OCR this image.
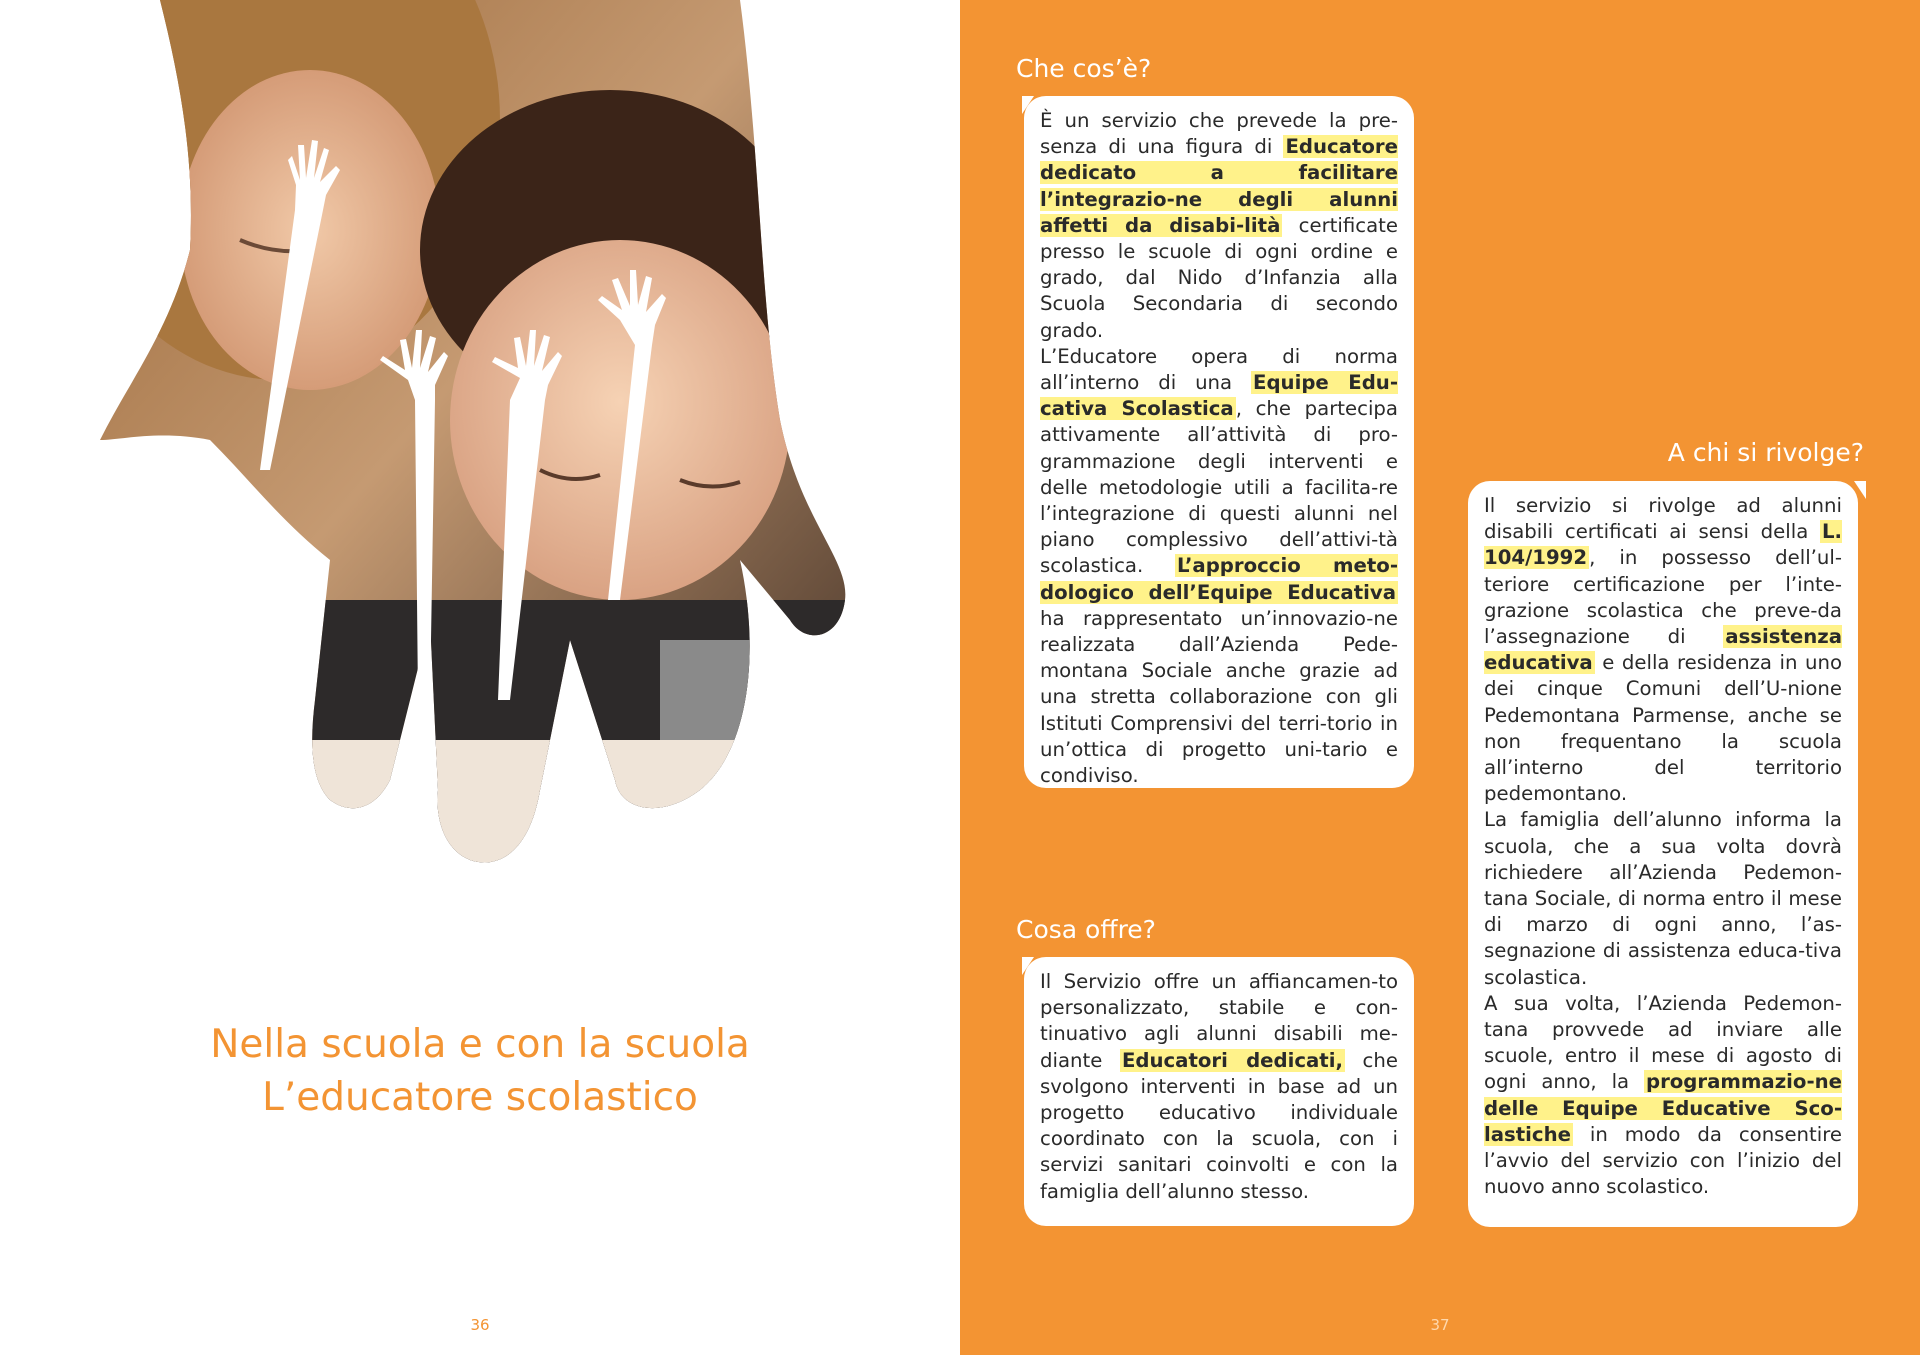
Nella scuola e con la scuola
L’educatore scolastico
36
Che cos’è?

È un servizio che prevede la pre-senza di una figura di Educatore dedicato a facilitare l’integrazio-ne degli alunni affetti da disabi-lità certificate presso le scuole di ogni ordine e grado, dal Nido d’Infanzia alla Scuola Secondaria di secondo grado.

L’Educatore opera di norma all’interno di una Equipe Edu-cativa Scolastica , che partecipa attivamente all’attività di pro-grammazione degli interventi e delle metodologie utili a facilita-re l’integrazione di questi alunni nel piano complessivo dell’attivi-tà scolastica. L’approccio meto-dologico dell’Equipe Educativa ha rappresentato un’innovazio-ne realizzata dall’Azienda Pede-montana Sociale anche grazie ad una stretta collaborazione con gli Istituti Comprensivi del terri-torio in un’ottica di progetto uni-tario e condiviso.

Cosa offre?

Il Servizio offre un affiancamen-to personalizzato, stabile e con-tinuativo agli alunni disabili me-diante Educatori dedicati, che svolgono interventi in base ad un progetto educativo individuale coordinato con la scuola, con i servizi sanitari coinvolti e con la famiglia dell’alunno stesso.

A chi si rivolge?

Il servizio si rivolge ad alunni disabili certificati ai sensi della L. 104/1992 , in possesso dell’ul-teriore certificazione per l’inte-grazione scolastica che preve-da l’assegnazione di assistenza educativa e della residenza in uno dei cinque Comuni dell’U-nione Pedemontana Parmense, anche se non frequentano la scuola all’interno del territorio pedemontano.

La famiglia dell’alunno informa la scuola, che a sua volta dovrà richiedere all’Azienda Pedemon-tana Sociale, di norma entro il mese di marzo di ogni anno, l’as-segnazione di assistenza educa-tiva scolastica.

A sua volta, l’Azienda Pedemon-tana provvede ad inviare alle scuole, entro il mese di agosto di ogni anno, la programmazio-ne delle Equipe Educative Sco-lastiche in modo da consentire l’avvio del servizio con l’inizio del nuovo anno scolastico.

37
